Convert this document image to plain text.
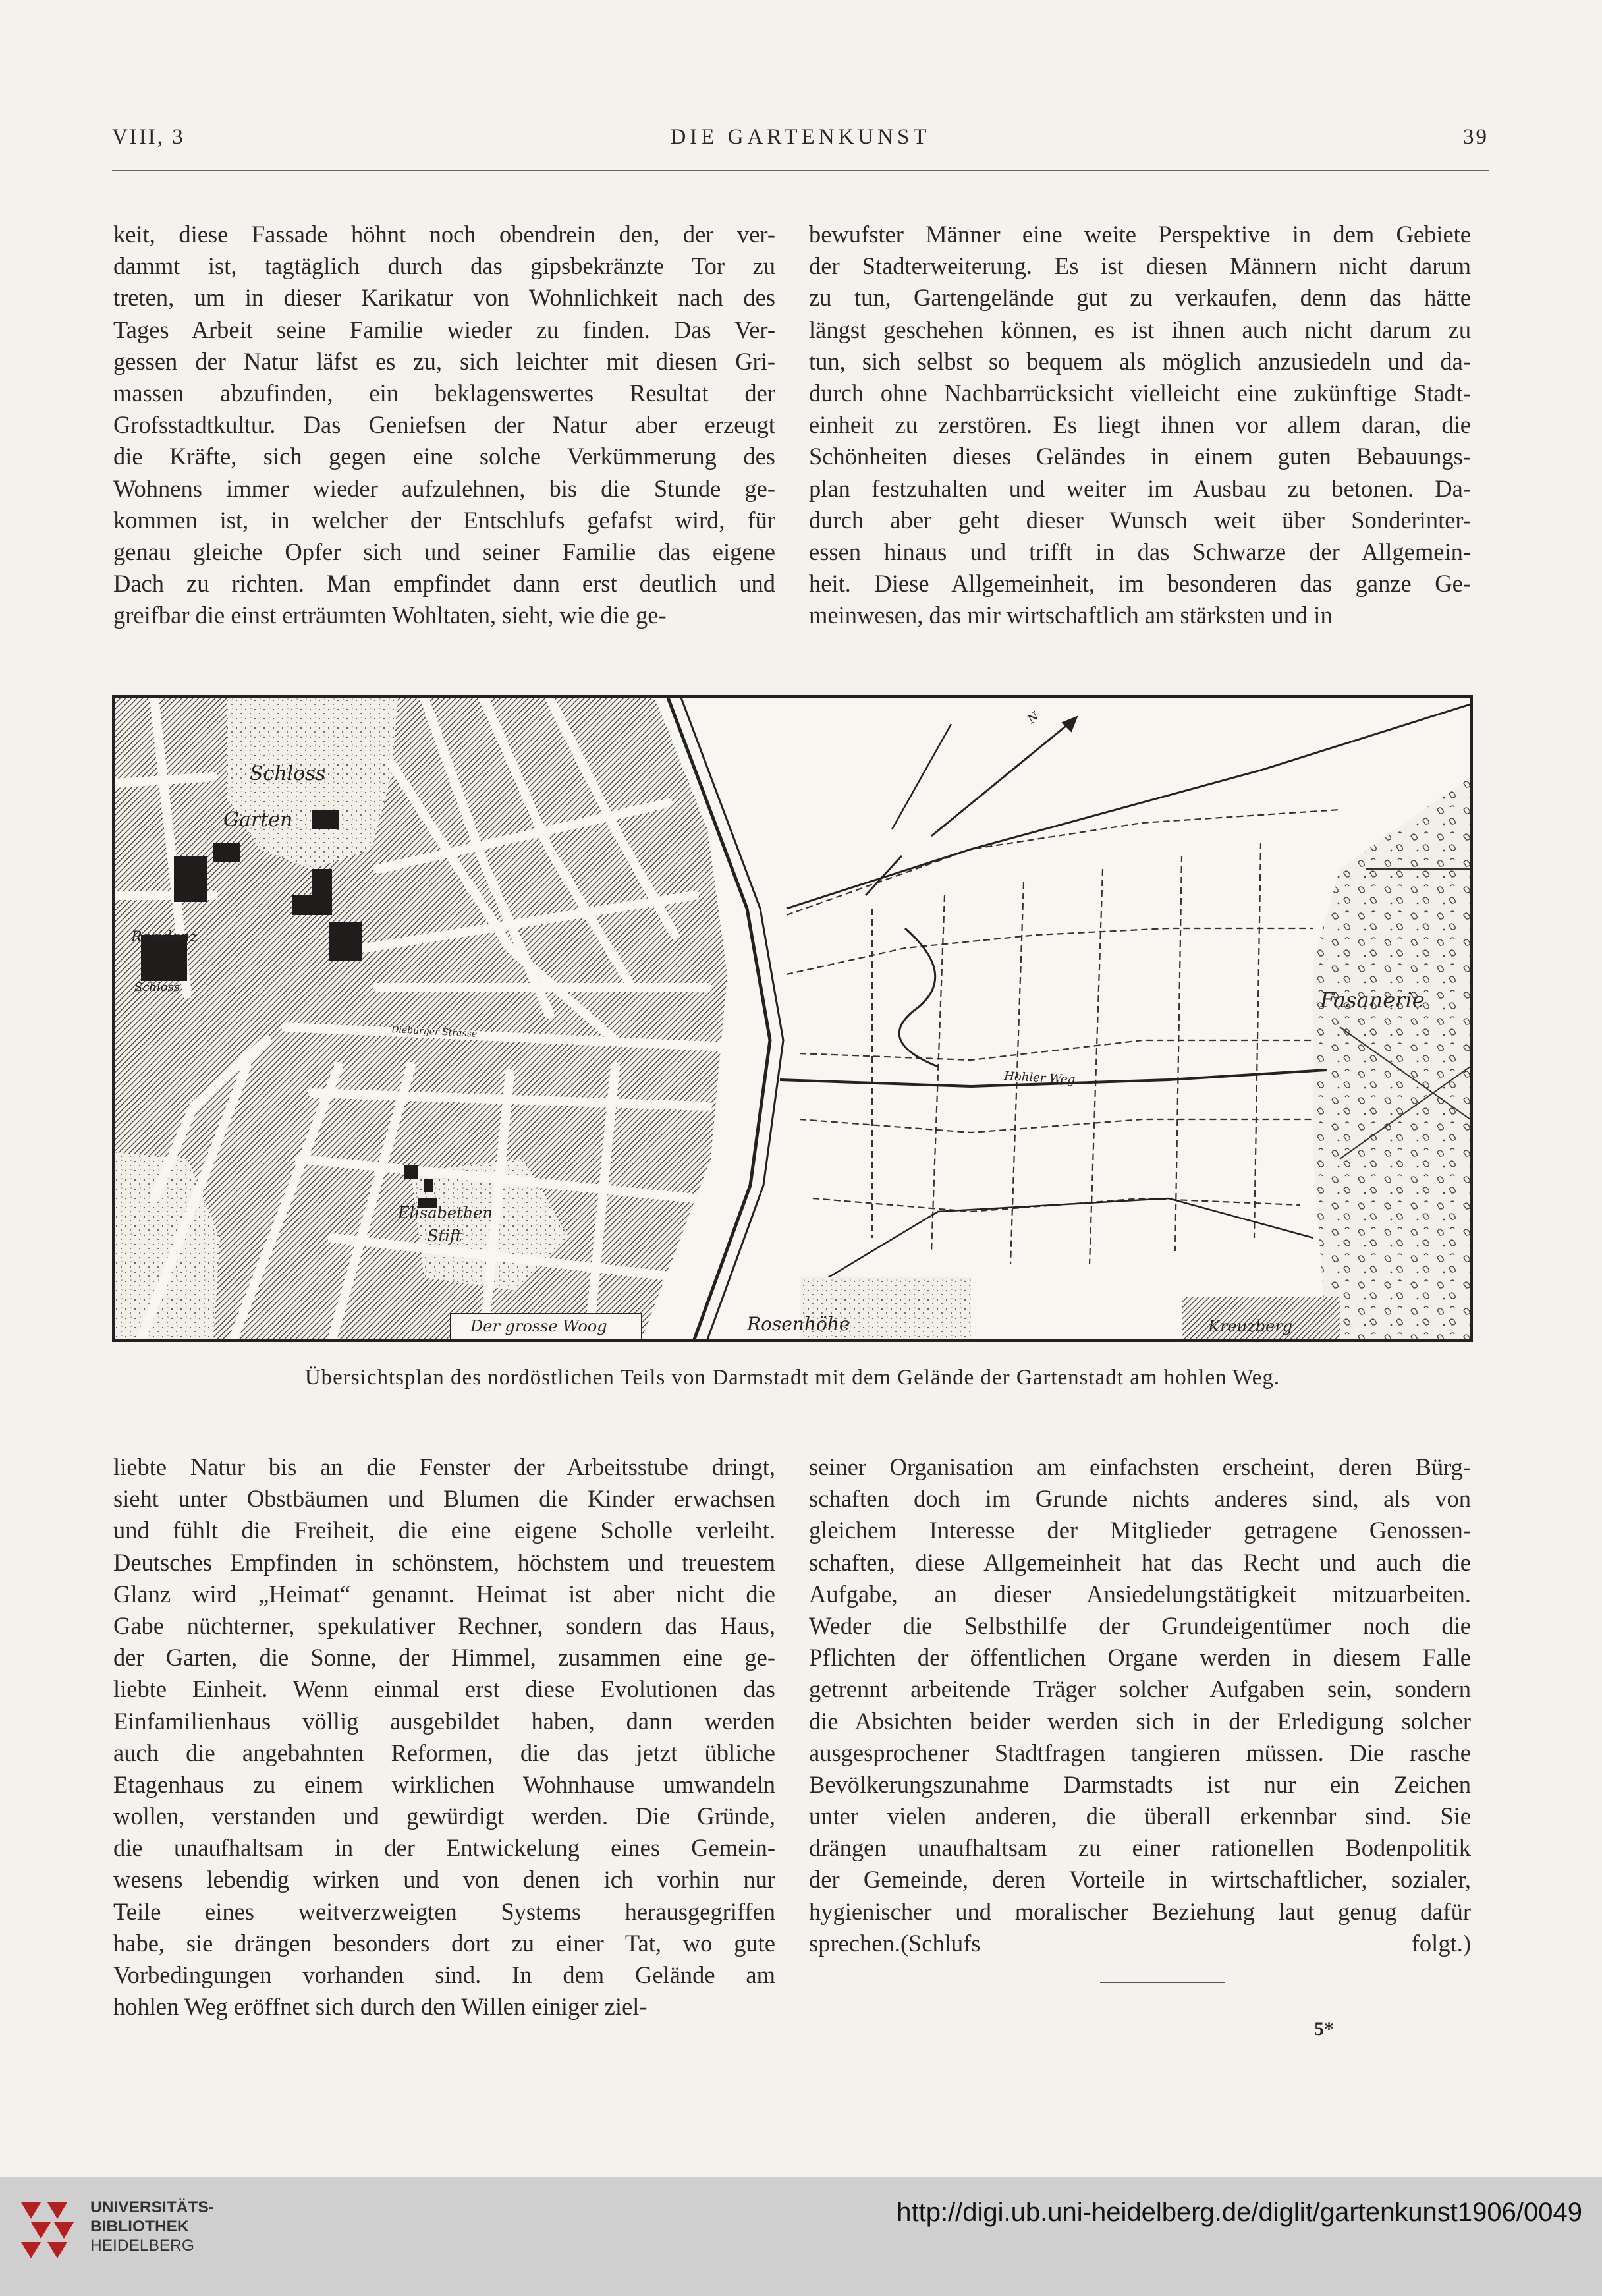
VIII, 3	DIE GARTENKUNST	39
keit, diese Fassade höhnt noch obendrein den, der ver-
dammt ist, tagtäglich durch das gipsbekränzte Tor zu
treten, um in dieser Karikatur von Wohnlichkeit nach des
Tages Arbeit seine Familie wieder zu finden. Das Ver-
gessen der Natur läfst es zu, sich leichter mit diesen Gri-
massen abzufinden, ein beklagenswertes Resultat der
Grofsstadtkultur. Das Geniefsen der Natur aber erzeugt
die Kräfte, sich gegen eine solche Verkümmerung des
Wohnens immer wieder aufzulehnen, bis die Stunde ge-
kommen ist, in welcher der Entschlufs gefafst wird, für
genau gleiche Opfer sich und seiner Familie das eigene
Dach zu richten. Man empfindet dann erst deutlich und
greifbar die einst erträumten Wohltaten, sieht, wie die ge-
bewufster Männer eine weite Perspektive in dem Gebiete
der Stadterweiterung. Es ist diesen Männern nicht darum
zu tun, Gartengelände gut zu verkaufen, denn das hätte
längst geschehen können, es ist ihnen auch nicht darum zu
tun, sich selbst so bequem als möglich anzusiedeln und da-
durch ohne Nachbarrücksicht vielleicht eine zukünftige Stadt-
einheit zu zerstören. Es liegt ihnen vor allem daran, die
Schönheiten dieses Geländes in einem guten Bebauungs-
plan festzuhalten und weiter im Ausbau zu betonen. Da-
durch aber geht dieser Wunsch weit über Sonderinter-
essen hinaus und trifft in das Schwarze der Allgemein-
heit. Diese Allgemeinheit, im besonderen das ganze Ge-
meinwesen, das mir wirtschaftlich am stärksten und in
Schloss
Garten
Residenz
Schloss
Dieburger Strasse
Elisabethen
Stift
Der grosse Woog	Rosenhöhe	Kreuzberg
Hohler Weg
Fasanerie
N
Übersichtsplan des nordöstlichen Teils von Darmstadt mit dem Gelände der Gartenstadt am hohlen Weg.
liebte Natur bis an die Fenster der Arbeitsstube dringt,
sieht unter Obstbäumen und Blumen die Kinder erwachsen
und fühlt die Freiheit, die eine eigene Scholle verleiht.
Deutsches Empfinden in schönstem, höchstem und treuestem
Glanz wird „Heimat“ genannt. Heimat ist aber nicht die
Gabe nüchterner, spekulativer Rechner, sondern das Haus,
der Garten, die Sonne, der Himmel, zusammen eine ge-
liebte Einheit. Wenn einmal erst diese Evolutionen das
Einfamilienhaus völlig ausgebildet haben, dann werden
auch die angebahnten Reformen, die das jetzt übliche
Etagenhaus zu einem wirklichen Wohnhause umwandeln
wollen, verstanden und gewürdigt werden. Die Gründe,
die unaufhaltsam in der Entwickelung eines Gemein-
wesens lebendig wirken und von denen ich vorhin nur
Teile eines weitverzweigten Systems herausgegriffen
habe, sie drängen besonders dort zu einer Tat, wo gute
Vorbedingungen vorhanden sind. In dem Gelände am
hohlen Weg eröffnet sich durch den Willen einiger ziel-
seiner Organisation am einfachsten erscheint, deren Bürg-
schaften doch im Grunde nichts anderes sind, als von
gleichem Interesse der Mitglieder getragene Genossen-
schaften, diese Allgemeinheit hat das Recht und auch die
Aufgabe, an dieser Ansiedelungstätigkeit mitzuarbeiten.
Weder die Selbsthilfe der Grundeigentümer noch die
Pflichten der öffentlichen Organe werden in diesem Falle
getrennt arbeitende Träger solcher Aufgaben sein, sondern
die Absichten beider werden sich in der Erledigung solcher
ausgesprochener Stadtfragen tangieren müssen. Die rasche
Bevölkerungszunahme Darmstadts ist nur ein Zeichen
unter vielen anderen, die überall erkennbar sind. Sie
drängen unaufhaltsam zu einer rationellen Bodenpolitik
der Gemeinde, deren Vorteile in wirtschaftlicher, sozialer,
hygienischer und moralischer Beziehung laut genug dafür
sprechen.(Schlufs folgt.)
5*
UNIVERSITÄTS-
BIBLIOTHEK
HEIDELBERG
http://digi.ub.uni-heidelberg.de/diglit/gartenkunst1906/0049
